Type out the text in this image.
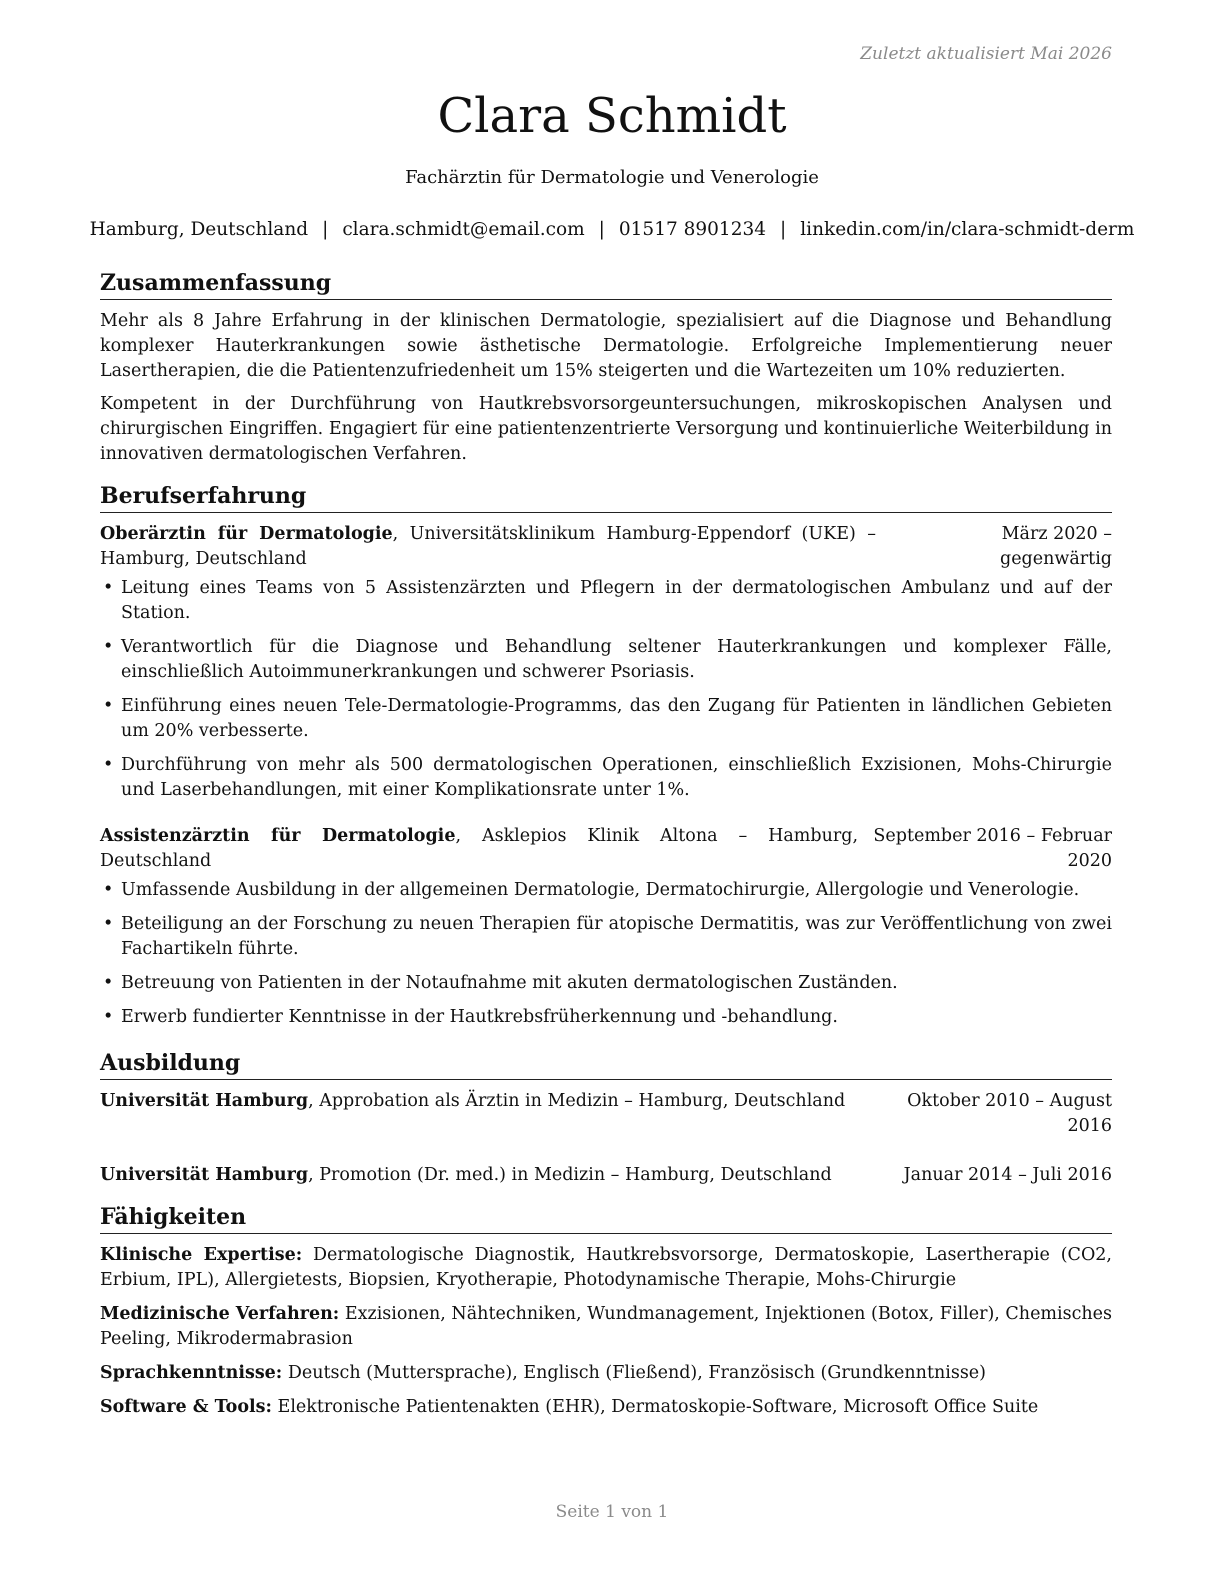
Zuletzt aktualisiert Mai 2026
Clara Schmidt
Fachärztin für Dermatologie und Venerologie
Hamburg, Deutschland | clara.schmidt@email.com | 01517 8901234 | linkedin.com/in/clara-schmidt-derm
Zusammenfassung

Mehr als 8 Jahre Erfahrung in der klinischen Dermatologie, spezialisiert auf die Diagnose und Behandlung komplexer Hauterkrankungen sowie ästhetische Dermatologie. Erfolgreiche Implementierung neuer Lasertherapien, die die Patientenzufriedenheit um 15% steigerten und die Wartezeiten um 10% reduzierten.

Kompetent in der Durchführung von Hautkrebsvorsorgeuntersuchungen, mikroskopischen Analysen und chirurgischen Eingriffen. Engagiert für eine patientenzentrierte Versorgung und kontinuierliche Weiterbildung in innovativen dermatologischen Verfahren.

Berufserfahrung
Oberärztin für Dermatologie, Universitätsklinikum Hamburg-Eppendorf (UKE) – Hamburg, Deutschland
März 2020 – gegenwärtig
• Leitung eines Teams von 5 Assistenzärzten und Pflegern in der dermatologischen Ambulanz und auf der Station.
• Verantwortlich für die Diagnose und Behandlung seltener Hauterkrankungen und komplexer Fälle, einschließlich Autoimmunerkrankungen und schwerer Psoriasis.
• Einführung eines neuen Tele-Dermatologie-Programms, das den Zugang für Patienten in ländlichen Gebieten um 20% verbesserte.
• Durchführung von mehr als 500 dermatologischen Operationen, einschließlich Exzisionen, Mohs-Chirurgie und Laserbehandlungen, mit einer Komplikationsrate unter 1%.
Assistenzärztin für Dermatologie, Asklepios Klinik Altona – Hamburg, Deutschland
September 2016 – Februar 2020
• Umfassende Ausbildung in der allgemeinen Dermatologie, Dermatochirurgie, Allergologie und Venerologie.
• Beteiligung an der Forschung zu neuen Therapien für atopische Dermatitis, was zur Veröffentlichung von zwei Fachartikeln führte.
• Betreuung von Patienten in der Notaufnahme mit akuten dermatologischen Zuständen.
• Erwerb fundierter Kenntnisse in der Hautkrebsfrüherkennung und -behandlung.
Ausbildung
Universität Hamburg, Approbation als Ärztin in Medizin – Hamburg, Deutschland	Oktober 2010 – August 2016
Universität Hamburg, Promotion (Dr. med.) in Medizin – Hamburg, Deutschland	Januar 2014 – Juli 2016
Fähigkeiten
Klinische Expertise: Dermatologische Diagnostik, Hautkrebsvorsorge, Dermatoskopie, Lasertherapie (CO2, Erbium, IPL), Allergietests, Biopsien, Kryotherapie, Photodynamische Therapie, Mohs-Chirurgie
Medizinische Verfahren: Exzisionen, Nähtechniken, Wundmanagement, Injektionen (Botox, Filler), Chemisches Peeling, Mikrodermabrasion
Sprachkenntnisse: Deutsch (Muttersprache), Englisch (Fließend), Französisch (Grundkenntnisse)
Software & Tools: Elektronische Patientenakten (EHR), Dermatoskopie-Software, Microsoft Office Suite
Seite 1 von 1
